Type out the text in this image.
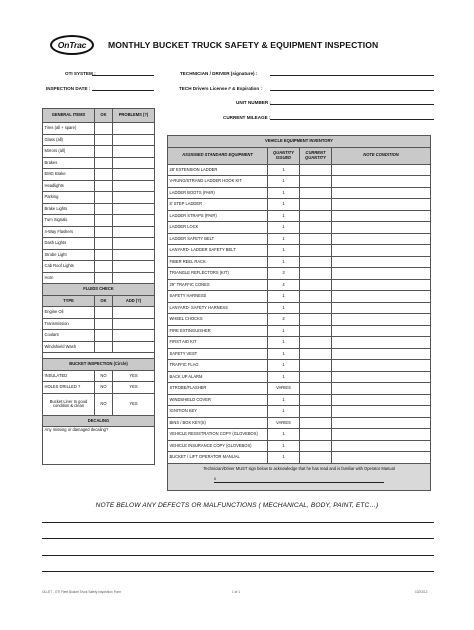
OnTrac	MONTHLY BUCKET TRUCK SAFETY & EQUIPMENT INSPECTION
OTI SYSTEM :
INSPECTION DATE :
TECHNICIAN / DRIVER (signature) :
TECH Drivers License # & Expiration :
UNIT NUMBER :
CURRENT MILEAGE :
GENERAL ITEMS	OK	PROBLEMS (?)
Tires (all + spare)		
Glass (all)		
Mirrors (all)		
Brakes		
EMG Brake		
Headlights		
Parking		
Brake Lights		
Turn Signals		
4-Way Flashers		
Dash Lights		
Strobe Light		
Cab Roof Lights		
Horn		
FLUIDS CHECK		
TYPE	OK	ADD (?)
Engine Oil		
Transmission		
Coolant		
Windshield Wash		

BUCKET INSPECTION (Circle)		
INSULATED	NO	YES
HOLES DRILLED ?	NO	YES
Bucket Liner In good condition & clean	NO	YES
DECALING		
Any missing or damaged decaling?		
VEHICLE EQUIPMENT INVENTORY			
ASSIGNED STANDARD EQUIPMENT	QUANTITY ISSUED	CURRENT QUANTITY	NOTE CONDITION
28' EXTENSION LADDER	1		
V-RUNG/STRAND LADDER HOOK KIT	1		
LADDER BOOTS (PAIR)	1		
8' STEP LADDER	1		
LADDER STRAPS (PAIR)	1		
LADDER LOCK	1		
LADDER SAFETY BELT	1		
LANYARD- LADDER SAFETY BELT	1		
FIBER REEL RACK	1		
TRIANGLE REFLECTORS (KIT)	3		
29" TRAFFIC CONES	4		
SAFETY HARNESS	1		
LANYARD- SAFETY HARNESS	1		
WHEEL CHOCKS	2		
FIRE EXTINGUISHER	1		
FIRST AID KIT	1		
SAFETY VEST	1		
TRAFFIC FLAG	1		
BACK UP ALARM	1		
STROBE/FLASHER	VARIES		
WINDSHIELD COVER	1		
IGNITION KEY	1		
BINS / BOX KEY(S)	VARIES		
VEHICLE REGISTRATION COPY (GLOVEBOX)	1		
VEHICLE INSURANCE COPY (GLOVEBOX)	1		
BUCKET / LIFT OPERATOR MANUAL	1		

Technician/Driver MUST sign below to acknowledge that he has read and is familiar with Operator Manual
x			
NOTE BELOW ANY DEFECTS OR MALFUNCTIONS ( MECHANICAL, BODY, PAINT, ETC…)
OLLET - OTI Fleet Bucket Truck Safety Inspection Form	1 of 1	10/23/12
